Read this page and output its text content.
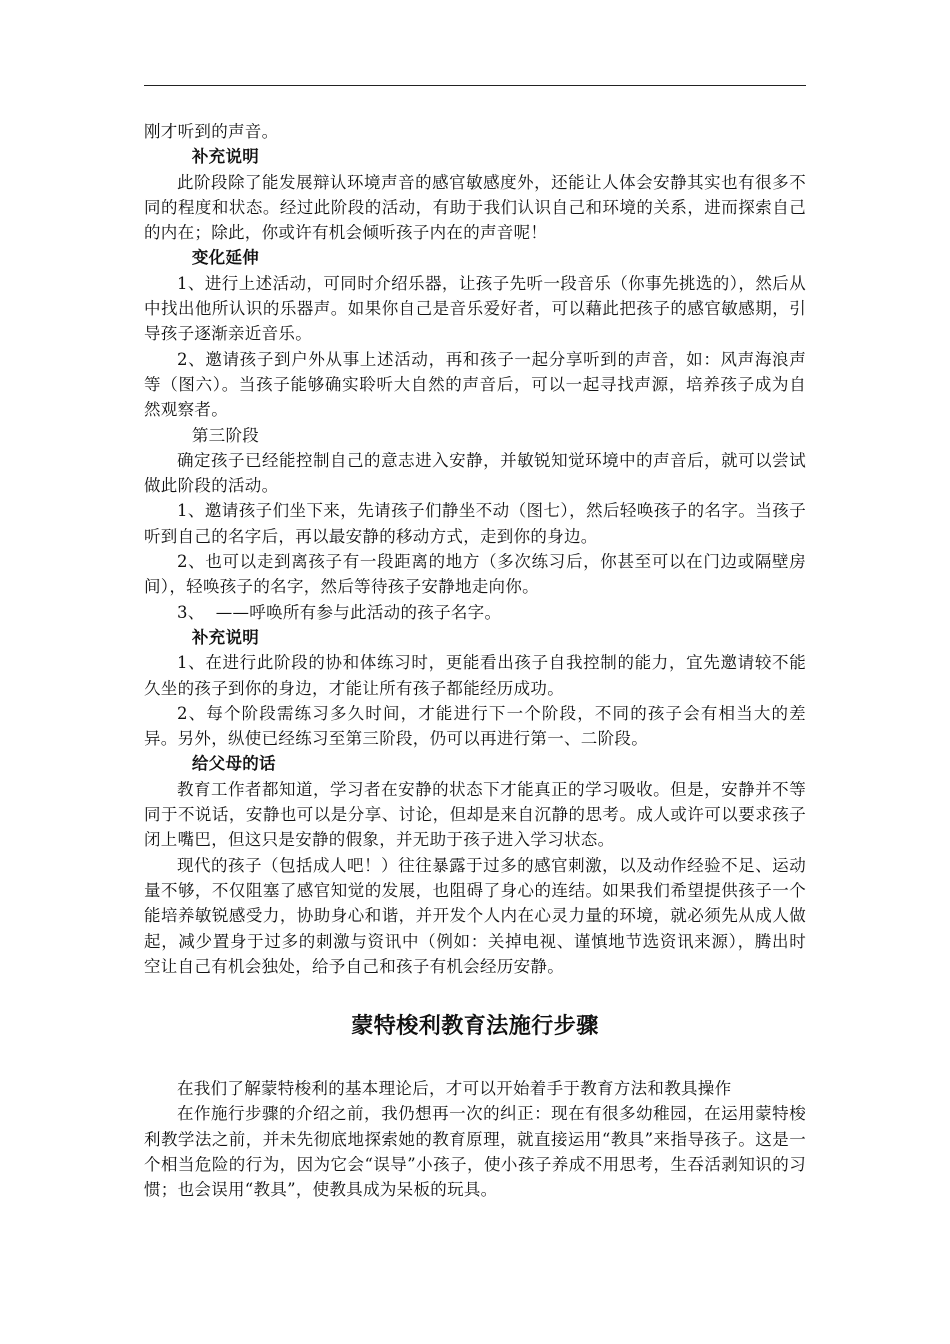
刚才听到的声音。

补充说明

此阶段除了能发展辩认环境声音的感官敏感度外，还能让人体会安静其实也有很多不同的程度和状态。经过此阶段的活动，有助于我们认识自己和环境的关系，进而探索自己的内在；除此，你或许有机会倾听孩子内在的声音呢！

变化延伸

1、进行上述活动，可同时介绍乐器，让孩子先听一段音乐（你事先挑选的），然后从中找出他所认识的乐器声。如果你自己是音乐爱好者，可以藉此把孩子的感官敏感期，引导孩子逐渐亲近音乐。

2、邀请孩子到户外从事上述活动，再和孩子一起分享听到的声音，如：风声海浪声等（图六）。当孩子能够确实聆听大自然的声音后，可以一起寻找声源，培养孩子成为自然观察者。

第三阶段

确定孩子已经能控制自己的意志进入安静，并敏锐知觉环境中的声音后，就可以尝试做此阶段的活动。

1、邀请孩子们坐下来，先请孩子们静坐不动（图七），然后轻唤孩子的名字。当孩子听到自己的名字后，再以最安静的移动方式，走到你的身边。

2、也可以走到离孩子有一段距离的地方（多次练习后，你甚至可以在门边或隔壁房间），轻唤孩子的名字，然后等待孩子安静地走向你。

3、  ——呼唤所有参与此活动的孩子名字。

补充说明

1、在进行此阶段的协和体练习时，更能看出孩子自我控制的能力，宜先邀请较不能久坐的孩子到你的身边，才能让所有孩子都能经历成功。

2、每个阶段需练习多久时间，才能进行下一个阶段，不同的孩子会有相当大的差异。另外，纵使已经练习至第三阶段，仍可以再进行第一、二阶段。

给父母的话

教育工作者都知道，学习者在安静的状态下才能真正的学习吸收。但是，安静并不等同于不说话，安静也可以是分享、讨论，但却是来自沉静的思考。成人或许可以要求孩子闭上嘴巴，但这只是安静的假象，并无助于孩子进入学习状态。

现代的孩子（包括成人吧！）往往暴露于过多的感官刺激，以及动作经验不足、运动量不够，不仅阻塞了感官知觉的发展，也阻碍了身心的连结。如果我们希望提供孩子一个能培养敏锐感受力，协助身心和谐，并开发个人内在心灵力量的环境，就必须先从成人做起，减少置身于过多的刺激与资讯中（例如：关掉电视、谨慎地节选资讯来源），腾出时空让自己有机会独处，给予自己和孩子有机会经历安静。

蒙特梭利教育法施行步骤

在我们了解蒙特梭利的基本理论后，才可以开始着手于教育方法和教具操作

在作施行步骤的介绍之前，我仍想再一次的纠正：现在有很多幼稚园，在运用蒙特梭利教学法之前，并未先彻底地探索她的教育原理，就直接运用“教具”来指导孩子。这是一个相当危险的行为，因为它会“误导”小孩子，使小孩子养成不用思考，生吞活剥知识的习惯；也会误用“教具”，使教具成为呆板的玩具。
